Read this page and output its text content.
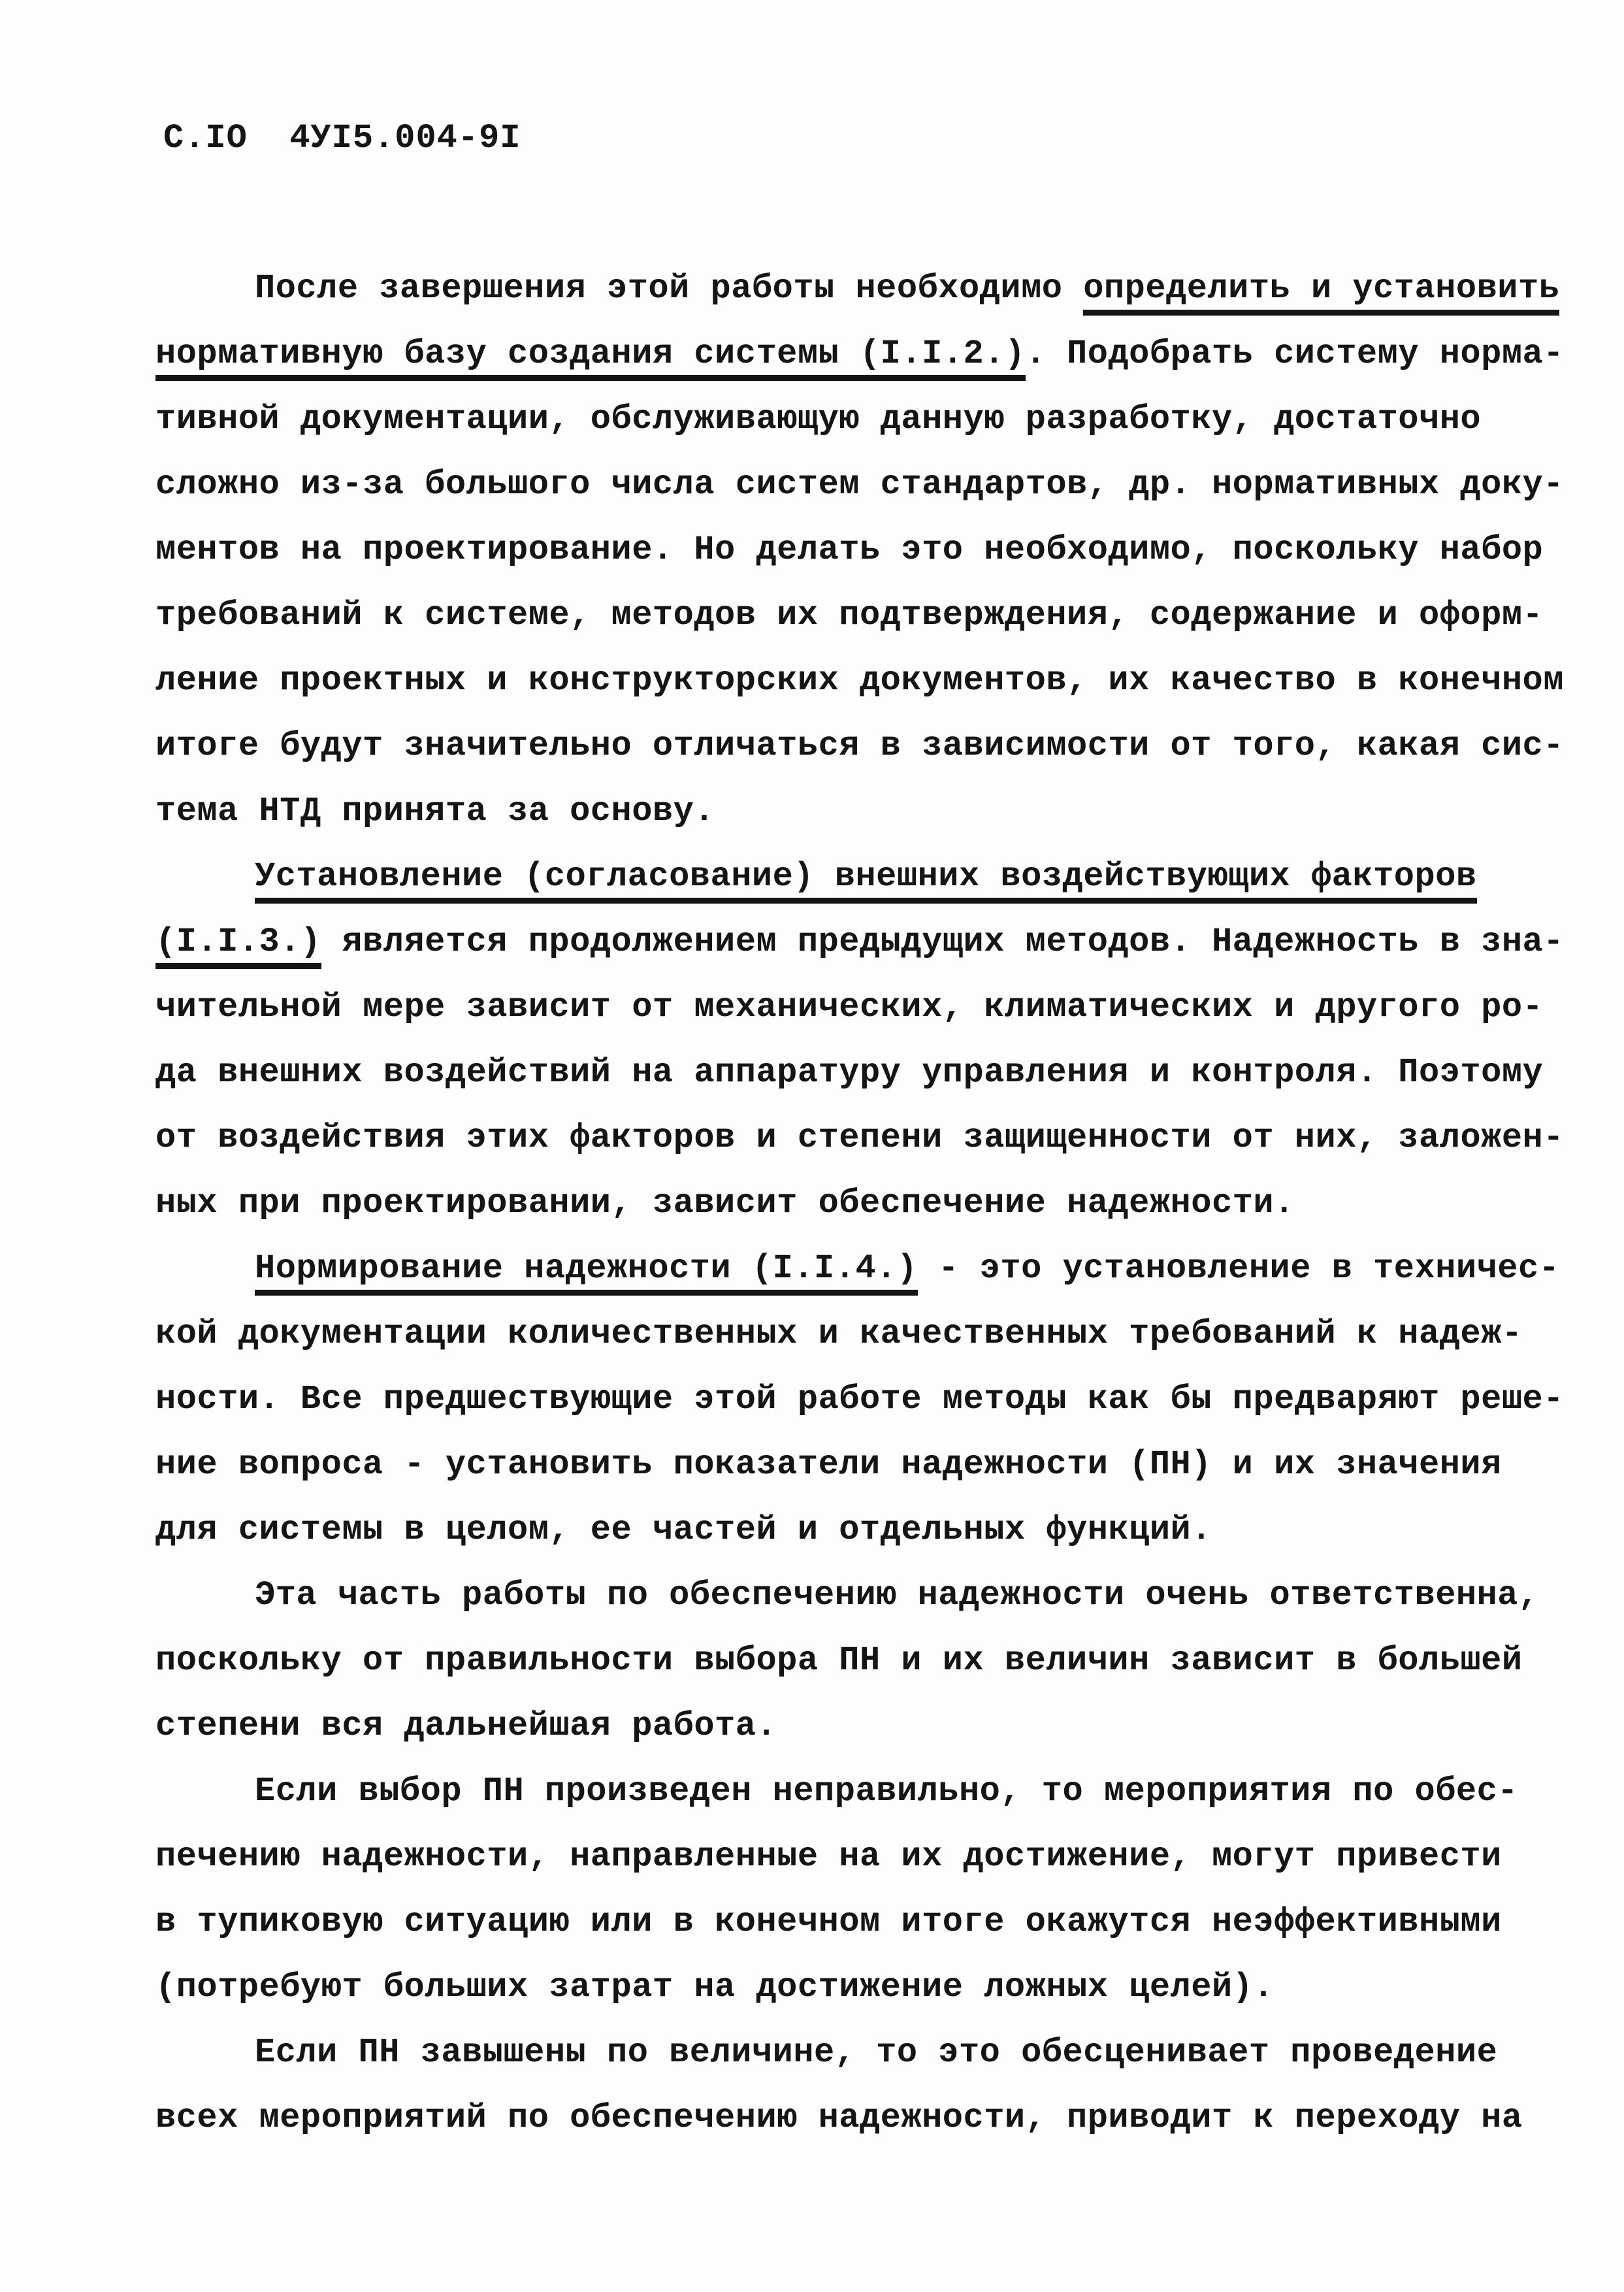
С.IO  4УI5.004-9I
После завершения этой работы необходимо определить и установить
нормативную базу создания системы (I.I.2.). Подобрать систему норма-
тивной документации, обслуживающую данную разработку, достаточно
сложно из-за большого числа систем стандартов, др. нормативных доку-
ментов на проектирование. Но делать это необходимо, поскольку набор
требований к системе, методов их подтверждения, содержание и оформ-
ление проектных и конструкторских документов, их качество в конечном
итоге будут значительно отличаться в зависимости от того, какая сис-
тема НТД принята за основу.
Установление (согласование) внешних воздействующих факторов
(I.I.3.) является продолжением предыдущих методов. Надежность в зна-
чительной мере зависит от механических, климатических и другого ро-
да внешних воздействий на аппаратуру управления и контроля. Поэтому
от воздействия этих факторов и степени защищенности от них, заложен-
ных при проектировании, зависит обеспечение надежности.
Нормирование надежности (I.I.4.) - это установление в техничес-
кой документации количественных и качественных требований к надеж-
ности. Все предшествующие этой работе методы как бы предваряют реше-
ние вопроса - установить показатели надежности (ПН) и их значения
для системы в целом, ее частей и отдельных функций.
Эта часть работы по обеспечению надежности очень ответственна,
поскольку от правильности выбора ПН и их величин зависит в большей
степени вся дальнейшая работа.
Если выбор ПН произведен неправильно, то мероприятия по обес-
печению надежности, направленные на их достижение, могут привести
в тупиковую ситуацию или в конечном итоге окажутся неэффективными
(потребуют больших затрат на достижение ложных целей).
Если ПН завышены по величине, то это обесценивает проведение
всех мероприятий по обеспечению надежности, приводит к переходу на
